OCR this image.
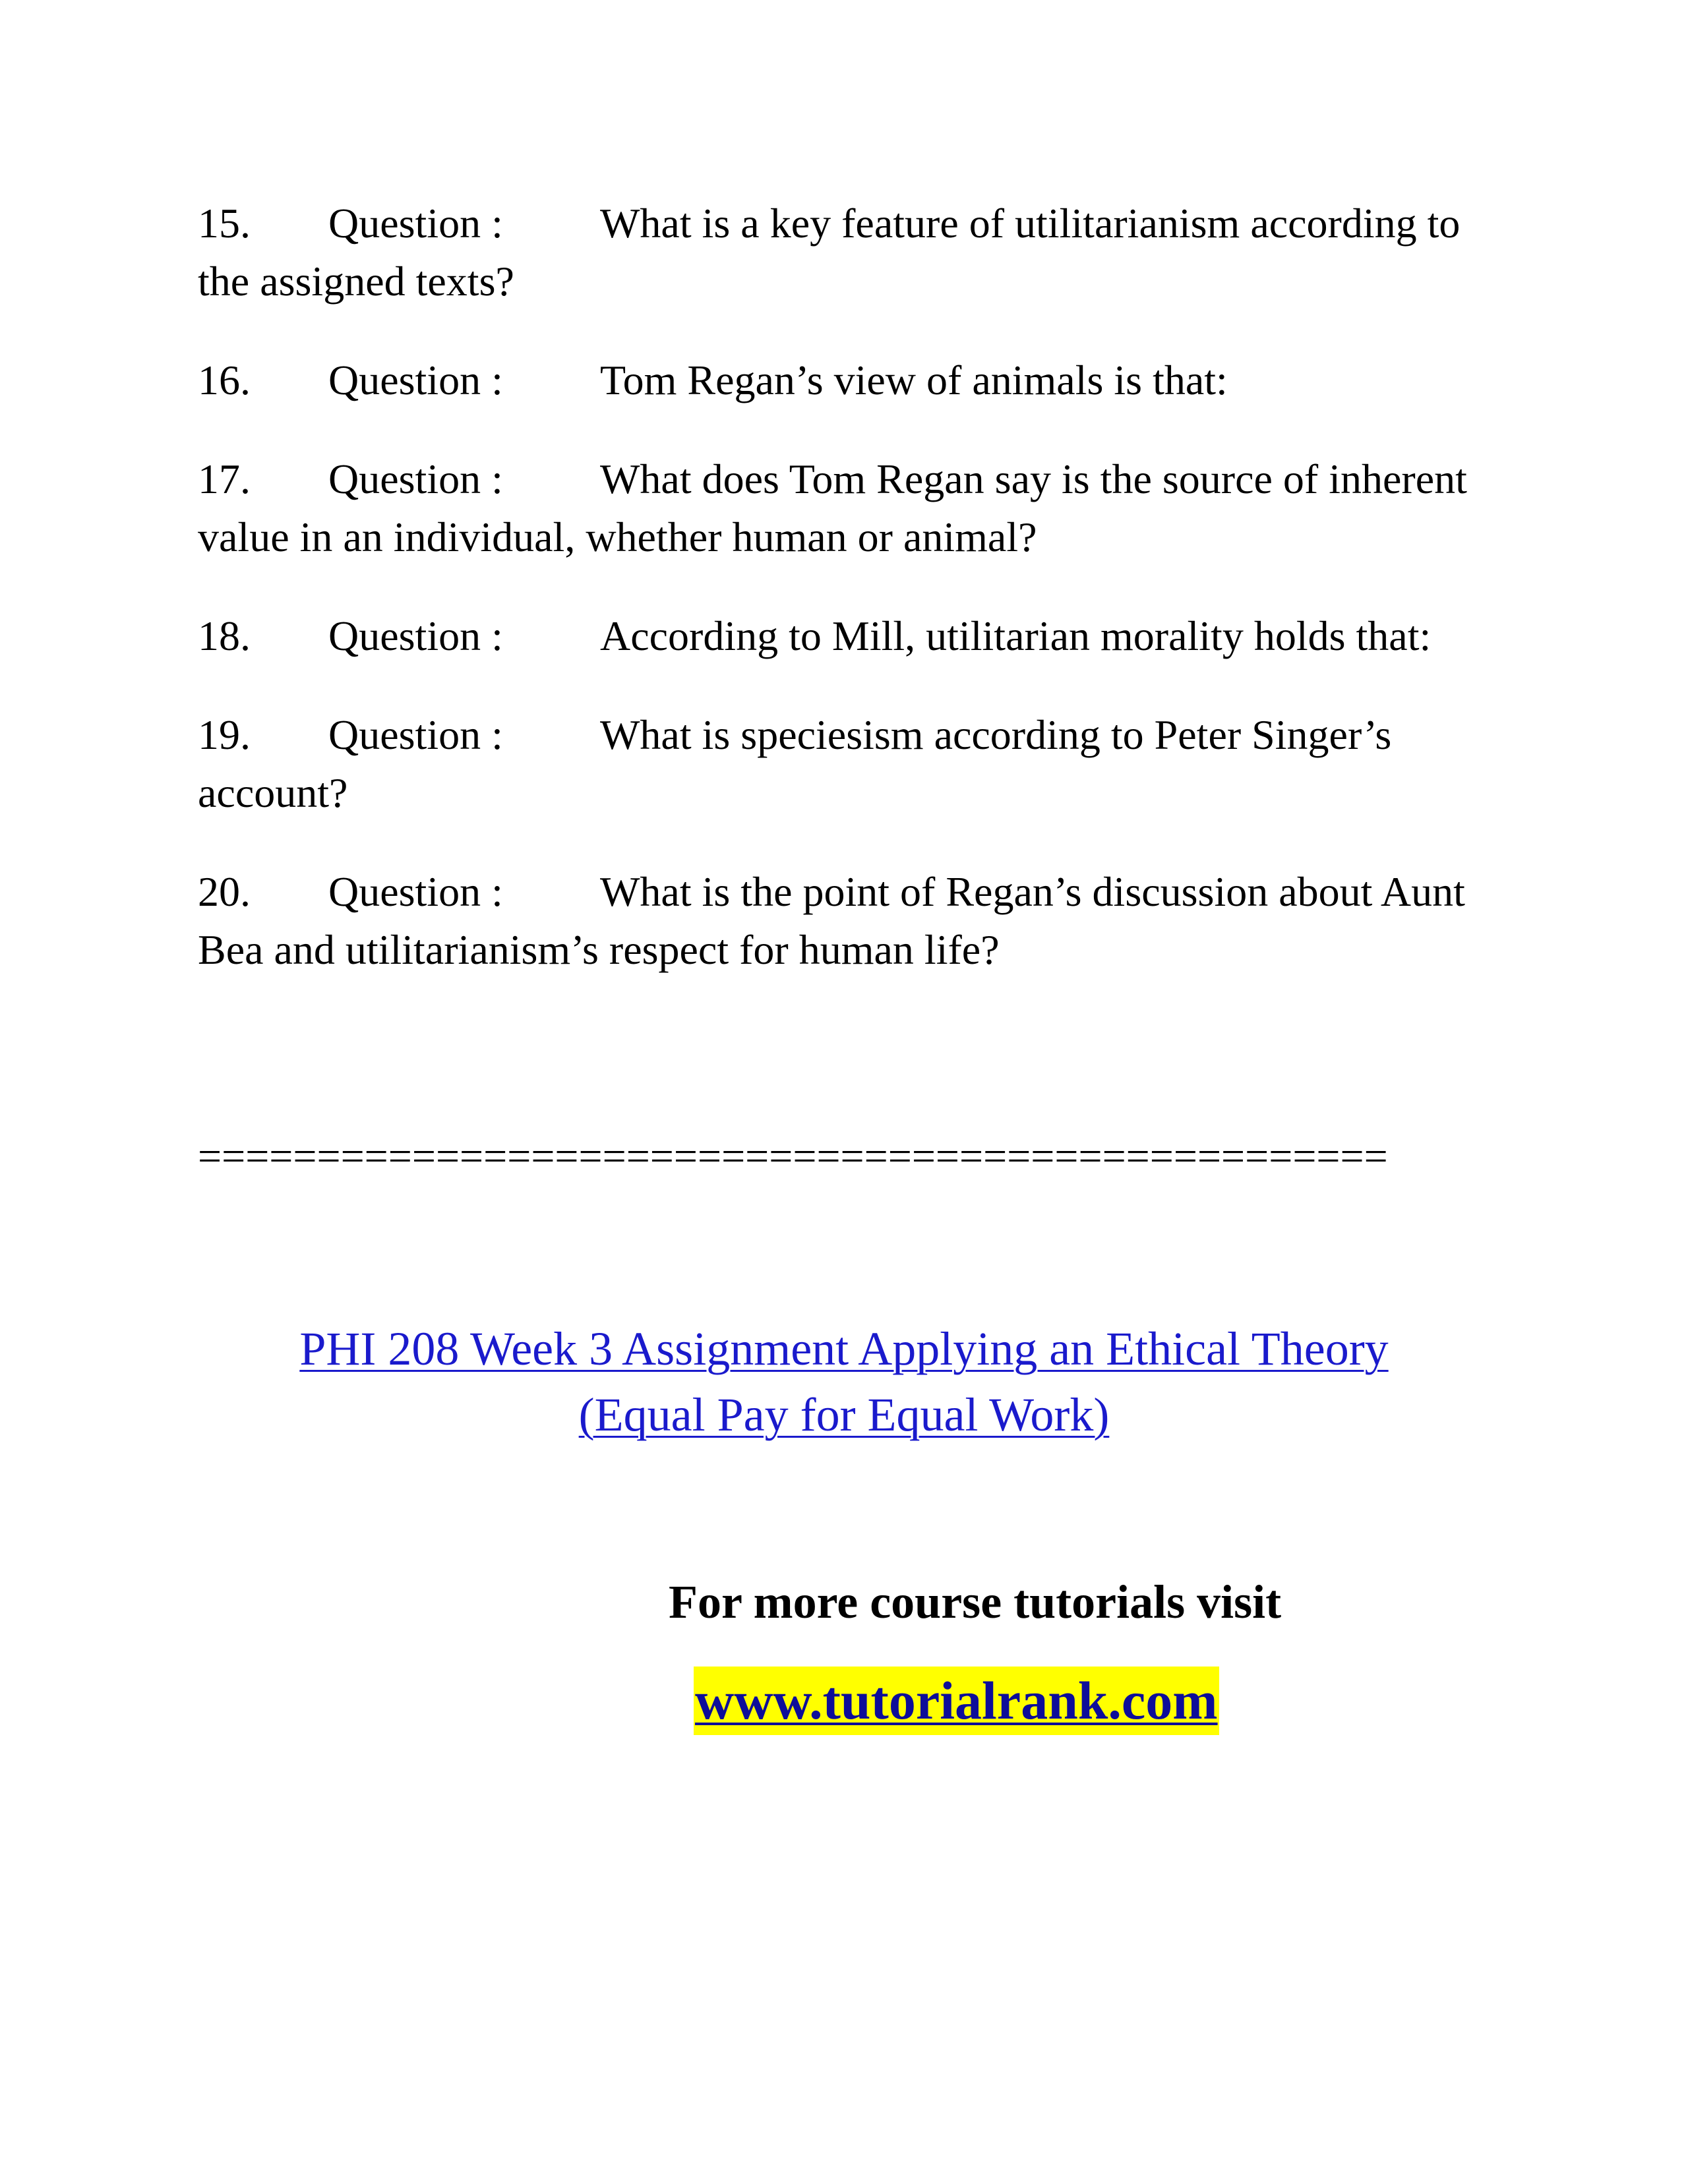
15. Question : What is a key feature of utilitarianism according to the assigned texts?

16. Question : Tom Regan’s view of animals is that:

17. Question : What does Tom Regan say is the source of inherent value in an individual, whether human or animal?

18. Question : According to Mill, utilitarian morality holds that:

19. Question : What is speciesism according to Peter Singer’s account?

20. Question : What is the point of Regan’s discussion about Aunt Bea and utilitarianism’s respect for human life?

==================================================
PHI 208 Week 3 Assignment Applying an Ethical Theory
(Equal Pay for Equal Work)
For more course tutorials visit
www.tutorialrank.com
